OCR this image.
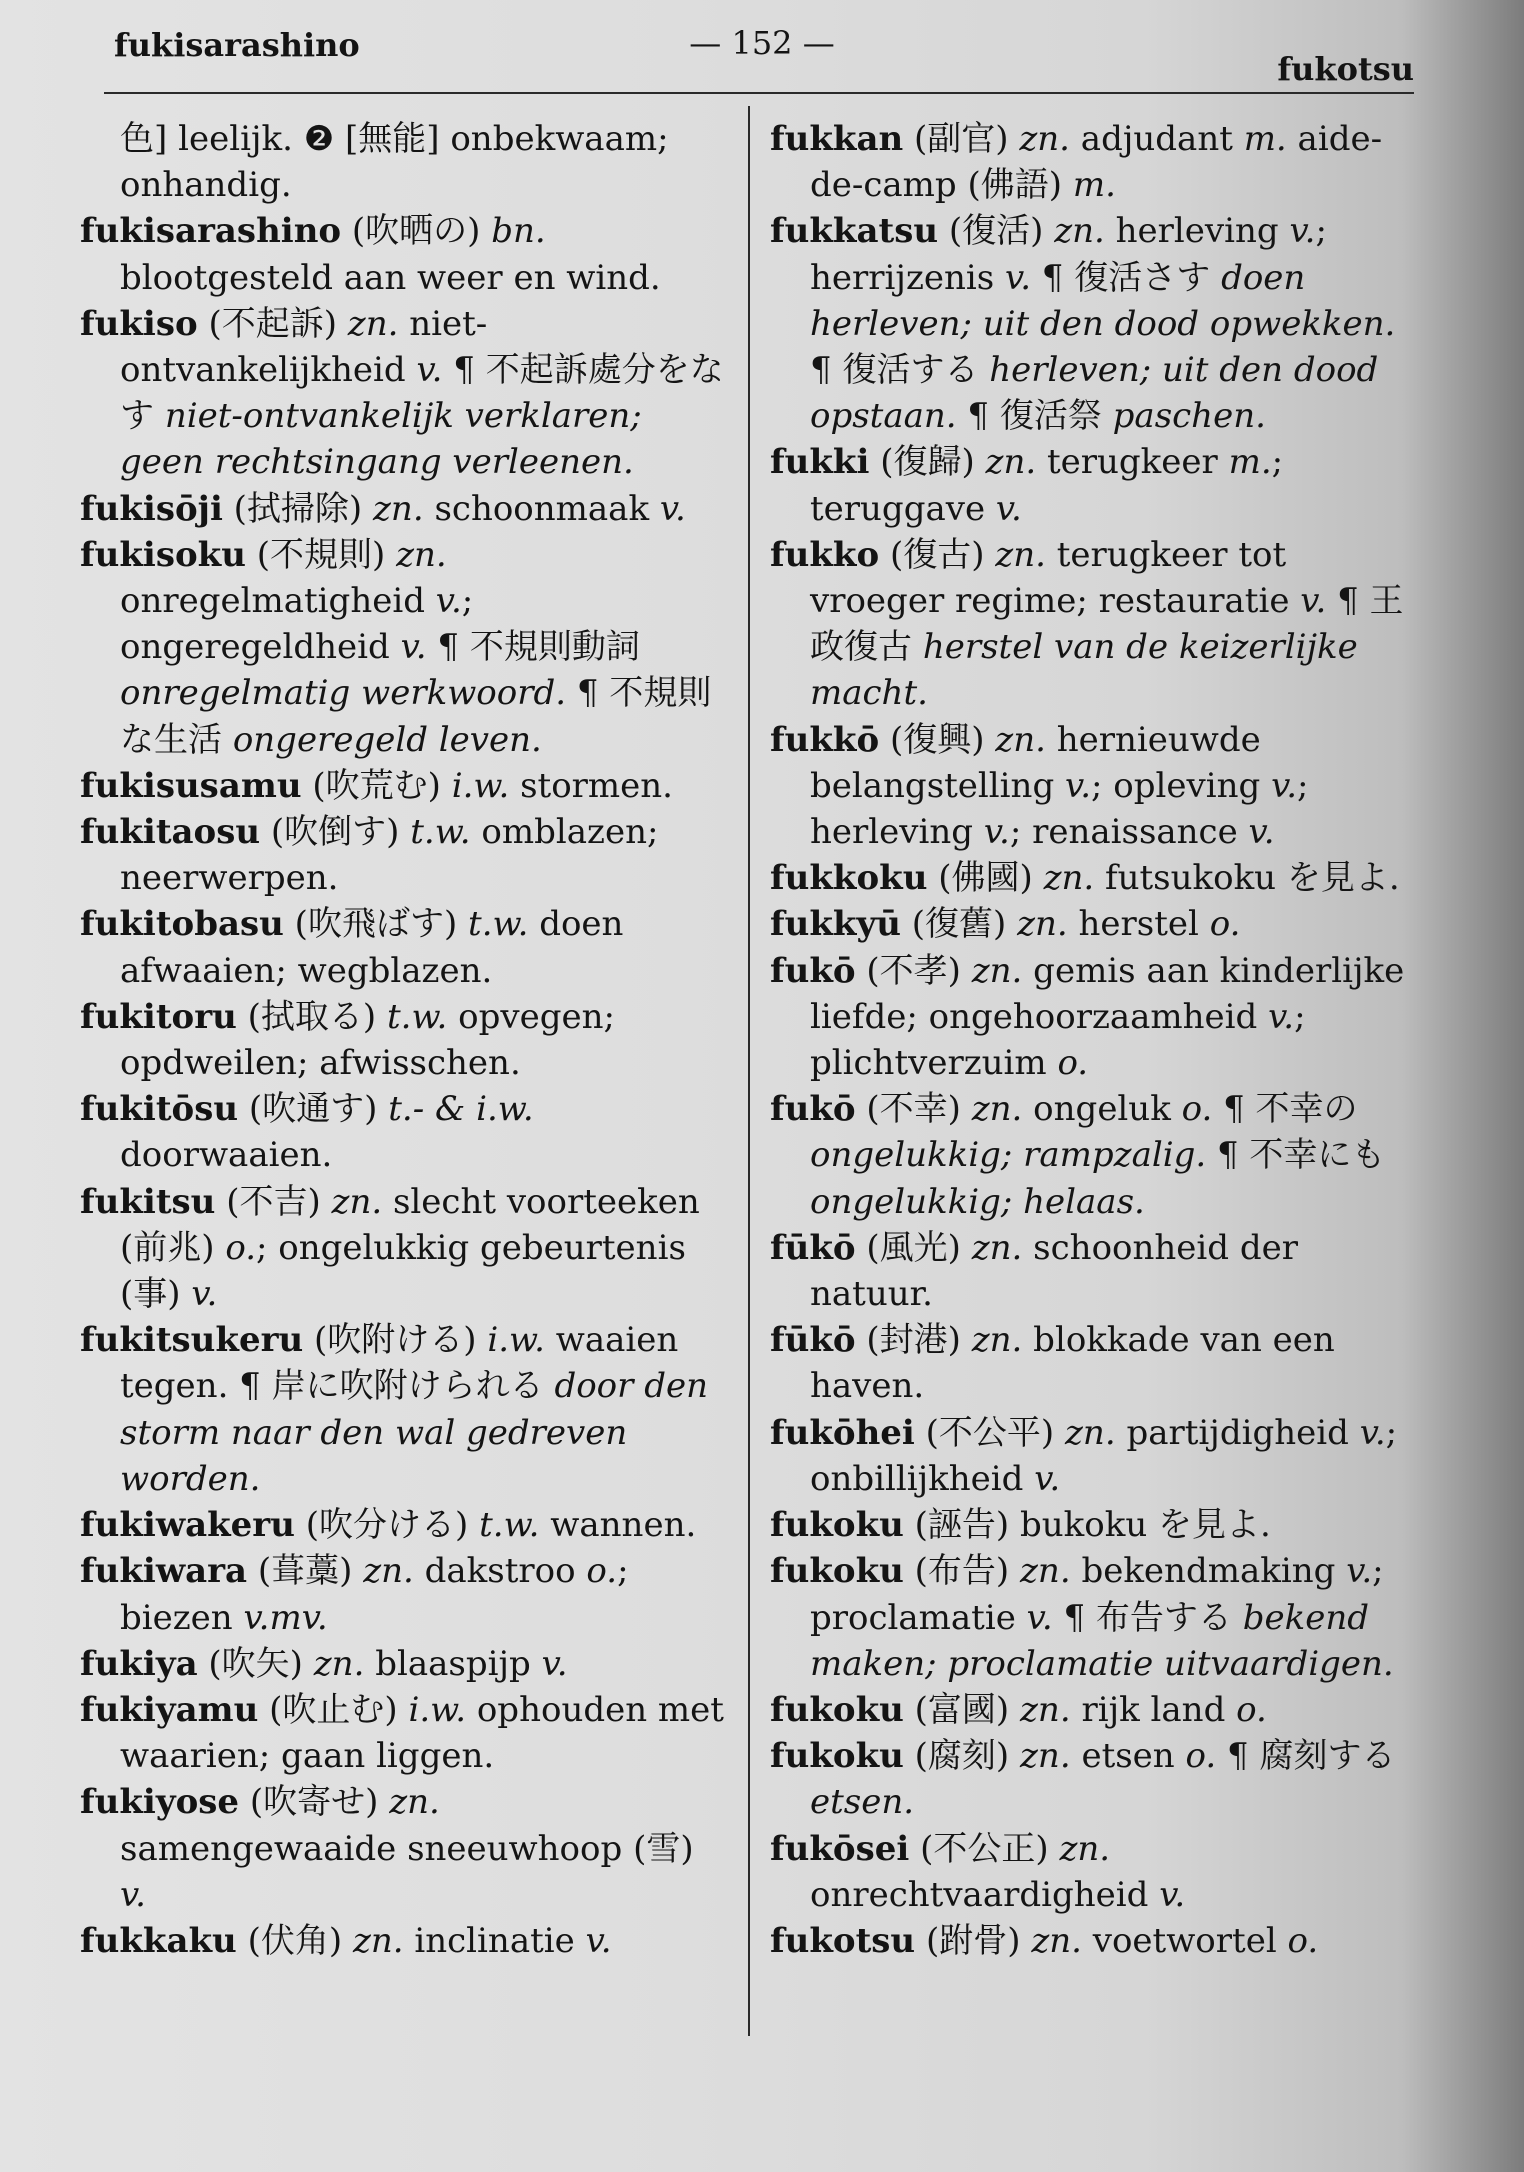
fukisarashino	— 152 —
fukotsu

色] leelijk. ❷ [無能] onbekwaam; onhandig.

fukisarashino (吹晒の) bn. blootgesteld aan weer en wind.

fukiso (不起訴) zn. niet-ontvankelijkheid v. ¶ 不起訴處分をなす niet-ontvankelijk verklaren; geen rechtsingang verleenen.

fukisōji (拭掃除) zn. schoonmaak v.

fukisoku (不規則) zn. onregelmatigheid v.; ongeregeldheid v. ¶ 不規則動詞 onregelmatig werkwoord. ¶ 不規則な生活 ongeregeld leven.

fukisusamu (吹荒む) i.w. stormen.

fukitaosu (吹倒す) t.w. omblazen; neerwerpen.

fukitobasu (吹飛ばす) t.w. doen afwaaien; wegblazen.

fukitoru (拭取る) t.w. opvegen; opdweilen; afwisschen.

fukitōsu (吹通す) t.- & i.w. doorwaaien.

fukitsu (不吉) zn. slecht voorteeken (前兆) o.; ongelukkig gebeurtenis (事) v.

fukitsukeru (吹附ける) i.w. waaien tegen. ¶ 岸に吹附けられる door den storm naar den wal gedreven worden.

fukiwakeru (吹分ける) t.w. wannen.

fukiwara (葺藁) zn. dakstroo o.; biezen v.mv.

fukiya (吹矢) zn. blaaspijp v.

fukiyamu (吹止む) i.w. ophouden met waarien; gaan liggen.

fukiyose (吹寄せ) zn. samengewaaide sneeuwhoop (雪) v.

fukkaku (伏角) zn. inclinatie v.

fukkan (副官) zn. adjudant m. aide-de-camp (佛語) m.

fukkatsu (復活) zn. herleving v.; herrijzenis v. ¶ 復活さす doen herleven; uit den dood opwekken. ¶ 復活する herleven; uit den dood opstaan. ¶ 復活祭 paschen.

fukki (復歸) zn. terugkeer m.; teruggave v.

fukko (復古) zn. terugkeer tot vroeger regime; restauratie v. ¶ 王政復古 herstel van de keizerlijke macht.

fukkō (復興) zn. hernieuwde belangstelling v.; opleving v.; herleving v.; renaissance v.

fukkoku (佛國) zn. futsukoku を見よ.

fukkyū (復舊) zn. herstel o.

fukō (不孝) zn. gemis aan kinderlijke liefde; ongehoorzaamheid v.; plichtverzuim o.

fukō (不幸) zn. ongeluk o. ¶ 不幸の ongelukkig; rampzalig. ¶ 不幸にも ongelukkig; helaas.

fūkō (風光) zn. schoonheid der natuur.

fūkō (封港) zn. blokkade van een haven.

fukōhei (不公平) zn. partijdigheid v.; onbillijkheid v.

fukoku (誣告) bukoku を見よ.

fukoku (布告) zn. bekendmaking v.; proclamatie v. ¶ 布告する bekend maken; proclamatie uitvaardigen.

fukoku (富國) zn. rijk land o.

fukoku (腐刻) zn. etsen o. ¶ 腐刻する etsen.

fukōsei (不公正) zn. onrechtvaardigheid v.

fukotsu (跗骨) zn. voetwortel o.
